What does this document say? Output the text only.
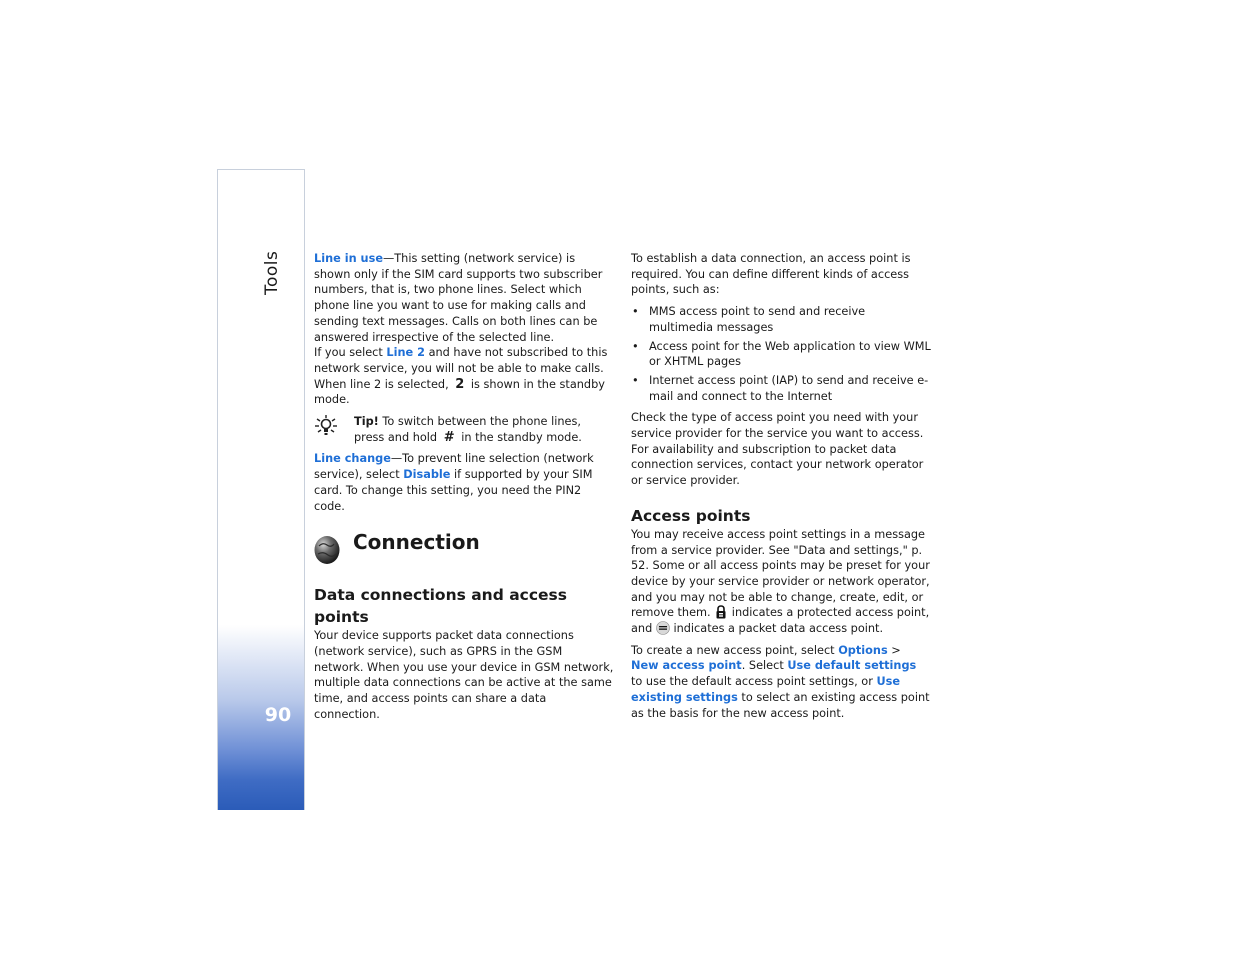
Tools
90

Line in use—This setting (network service) is shown only if the SIM card supports two subscriber numbers, that is, two phone lines. Select which phone line you want to use for making calls and sending text messages. Calls on both lines can be answered irrespective of the selected line.

If you select Line 2 and have not subscribed to this network service, you will not be able to make calls. When line 2 is selected, 2 is shown in the standby mode.

Tip! To switch between the phone lines, press and hold # in the standby mode.

Line change—To prevent line selection (network service), select Disable if supported by your SIM card. To change this setting, you need the PIN2 code.

Connection
Data connections and access points

Your device supports packet data connections (network service), such as GPRS in the GSM network. When you use your device in GSM network, multiple data connections can be active at the same time, and access points can share a data connection.

To establish a data connection, an access point is required. You can define different kinds of access points, such as:

• MMS access point to send and receive multimedia messages
• Access point for the Web application to view WML or XHTML pages
• Internet access point (IAP) to send and receive e-mail and connect to the Internet

Check the type of access point you need with your service provider for the service you want to access. For availability and subscription to packet data connection services, contact your network operator or service provider.

Access points

You may receive access point settings in a message from a service provider. See "Data and settings," p. 52. Some or all access points may be preset for your device by your service provider or network operator, and you may not be able to change, create, edit, or remove them.  indicates a protected access point, and  indicates a packet data access point.

To create a new access point, select Options > New access point. Select Use default settings to use the default access point settings, or Use existing settings to select an existing access point as the basis for the new access point.
